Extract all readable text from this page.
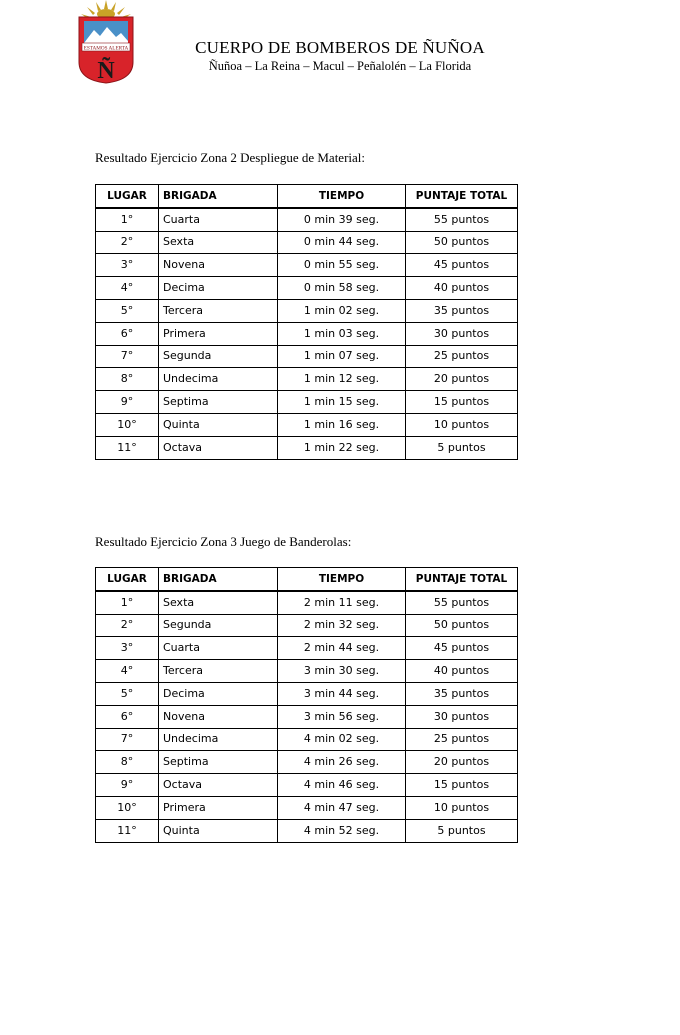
ESTAMOS ALERTA
Ñ
CUERPO DE BOMBEROS DE ÑUÑOA
Ñuñoa – La Reina – Macul – Peñalolén – La Florida
Resultado Ejercicio Zona 2 Despliegue de Material:
LUGAR	BRIGADA	TIEMPO	PUNTAJE TOTAL
1°	Cuarta	0 min 39 seg.	55 puntos
2°	Sexta	0 min 44 seg.	50 puntos
3°	Novena	0 min 55 seg.	45 puntos
4°	Decima	0 min 58 seg.	40 puntos
5°	Tercera	1 min 02 seg.	35 puntos
6°	Primera	1 min 03 seg.	30 puntos
7°	Segunda	1 min 07 seg.	25 puntos
8°	Undecima	1 min 12 seg.	20 puntos
9°	Septima	1 min 15 seg.	15 puntos
10°	Quinta	1 min 16 seg.	10 puntos
11°	Octava	1 min 22 seg.	5 puntos
Resultado Ejercicio Zona 3 Juego de Banderolas:
LUGAR	BRIGADA	TIEMPO	PUNTAJE TOTAL
1°	Sexta	2 min 11 seg.	55 puntos
2°	Segunda	2 min 32 seg.	50 puntos
3°	Cuarta	2 min 44 seg.	45 puntos
4°	Tercera	3 min 30 seg.	40 puntos
5°	Decima	3 min 44 seg.	35 puntos
6°	Novena	3 min 56 seg.	30 puntos
7°	Undecima	4 min 02 seg.	25 puntos
8°	Septima	4 min 26 seg.	20 puntos
9°	Octava	4 min 46 seg.	15 puntos
10°	Primera	4 min 47 seg.	10 puntos
11°	Quinta	4 min 52 seg.	5 puntos
